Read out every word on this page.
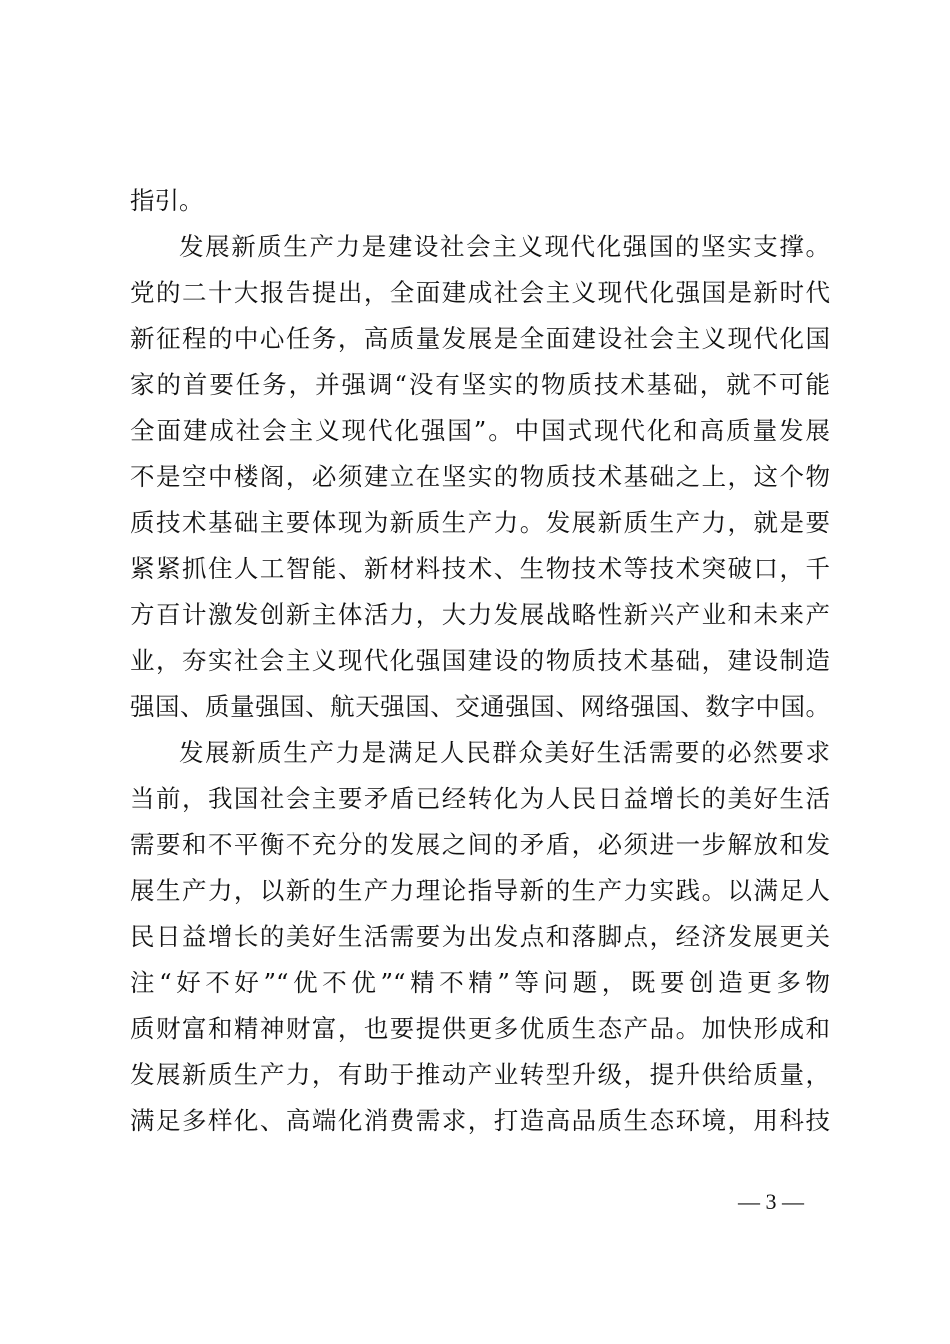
指引。
发展新质生产力是建设社会主义现代化强国的坚实支撑。
党的二十大报告提出，全面建成社会主义现代化强国是新时代
新征程的中心任务，高质量发展是全面建设社会主义现代化国
家的首要任务，并强调“没有坚实的物质技术基础，就不可能
全面建成社会主义现代化强国”。中国式现代化和高质量发展
不是空中楼阁，必须建立在坚实的物质技术基础之上，这个物
质技术基础主要体现为新质生产力。发展新质生产力，就是要
紧紧抓住人工智能、新材料技术、生物技术等技术突破口，千
方百计激发创新主体活力，大力发展战略性新兴产业和未来产
业，夯实社会主义现代化强国建设的物质技术基础，建设制造
强国、质量强国、航天强国、交通强国、网络强国、数字中国。
发展新质生产力是满足人民群众美好生活需要的必然要求
当前，我国社会主要矛盾已经转化为人民日益增长的美好生活
需要和不平衡不充分的发展之间的矛盾，必须进一步解放和发
展生产力，以新的生产力理论指导新的生产力实践。以满足人
民日益增长的美好生活需要为出发点和落脚点，经济发展更关
注“好不好”“优不优”“精不精”等问题，既要创造更多物
质财富和精神财富，也要提供更多优质生态产品。加快形成和
发展新质生产力，有助于推动产业转型升级，提升供给质量，
满足多样化、高端化消费需求，打造高品质生态环境，用科技
— 3 —
